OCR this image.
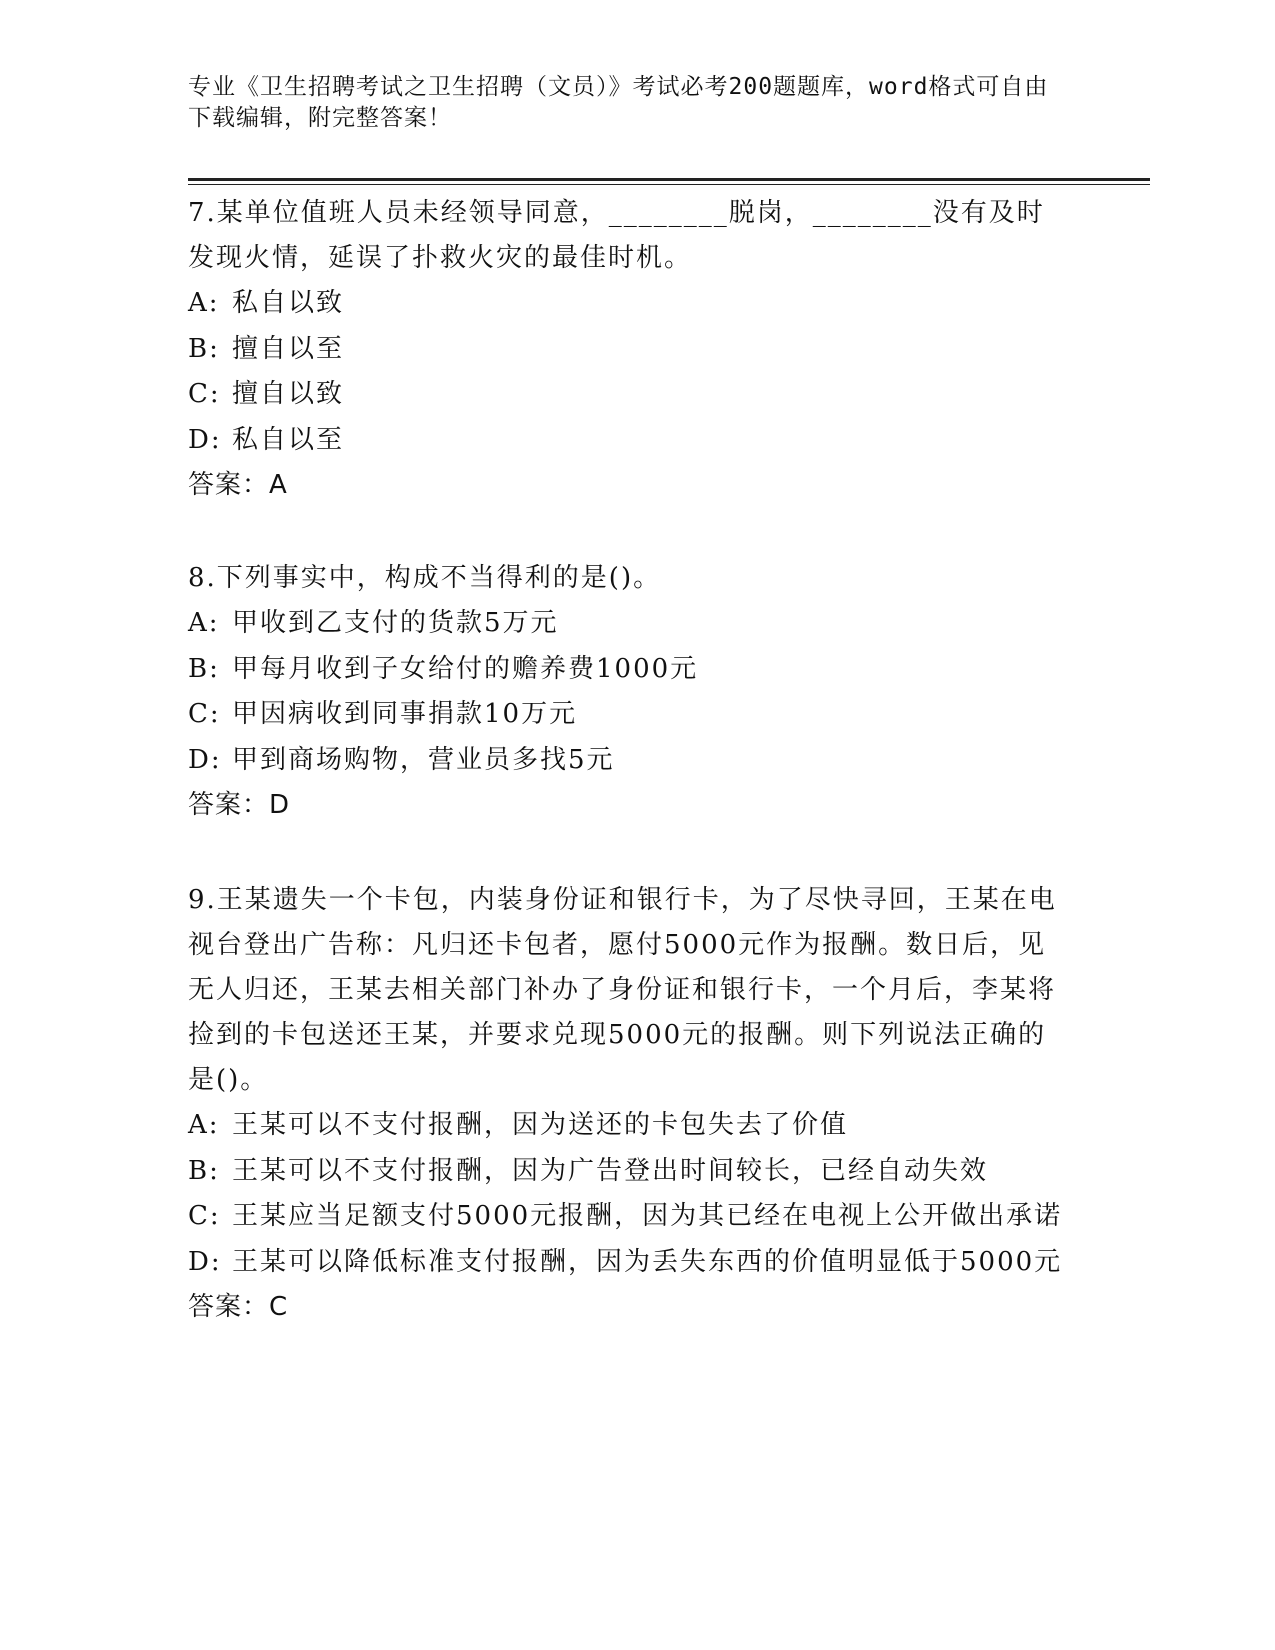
专业《卫生招聘考试之卫生招聘（文员）》考试必考200题题库，word格式可自由下载编辑，附完整答案！

7.某单位值班人员未经领导同意，________脱岗，________没有及时发现火情，延误了扑救火灾的最佳时机。

A: 私自以致

B: 擅自以至

C: 擅自以致

D: 私自以至

答案：A

8.下列事实中，构成不当得利的是()。

A: 甲收到乙支付的货款5万元

B: 甲每月收到子女给付的赡养费1000元

C: 甲因病收到同事捐款10万元

D: 甲到商场购物，营业员多找5元

答案：D

9.王某遗失一个卡包，内装身份证和银行卡，为了尽快寻回，王某在电视台登出广告称：凡归还卡包者，愿付5000元作为报酬。数日后，见无人归还，王某去相关部门补办了身份证和银行卡，一个月后，李某将捡到的卡包送还王某，并要求兑现5000元的报酬。则下列说法正确的是()。

A: 王某可以不支付报酬，因为送还的卡包失去了价值

B: 王某可以不支付报酬，因为广告登出时间较长，已经自动失效

C: 王某应当足额支付5000元报酬，因为其已经在电视上公开做出承诺

D: 王某可以降低标准支付报酬，因为丢失东西的价值明显低于5000元

答案：C
